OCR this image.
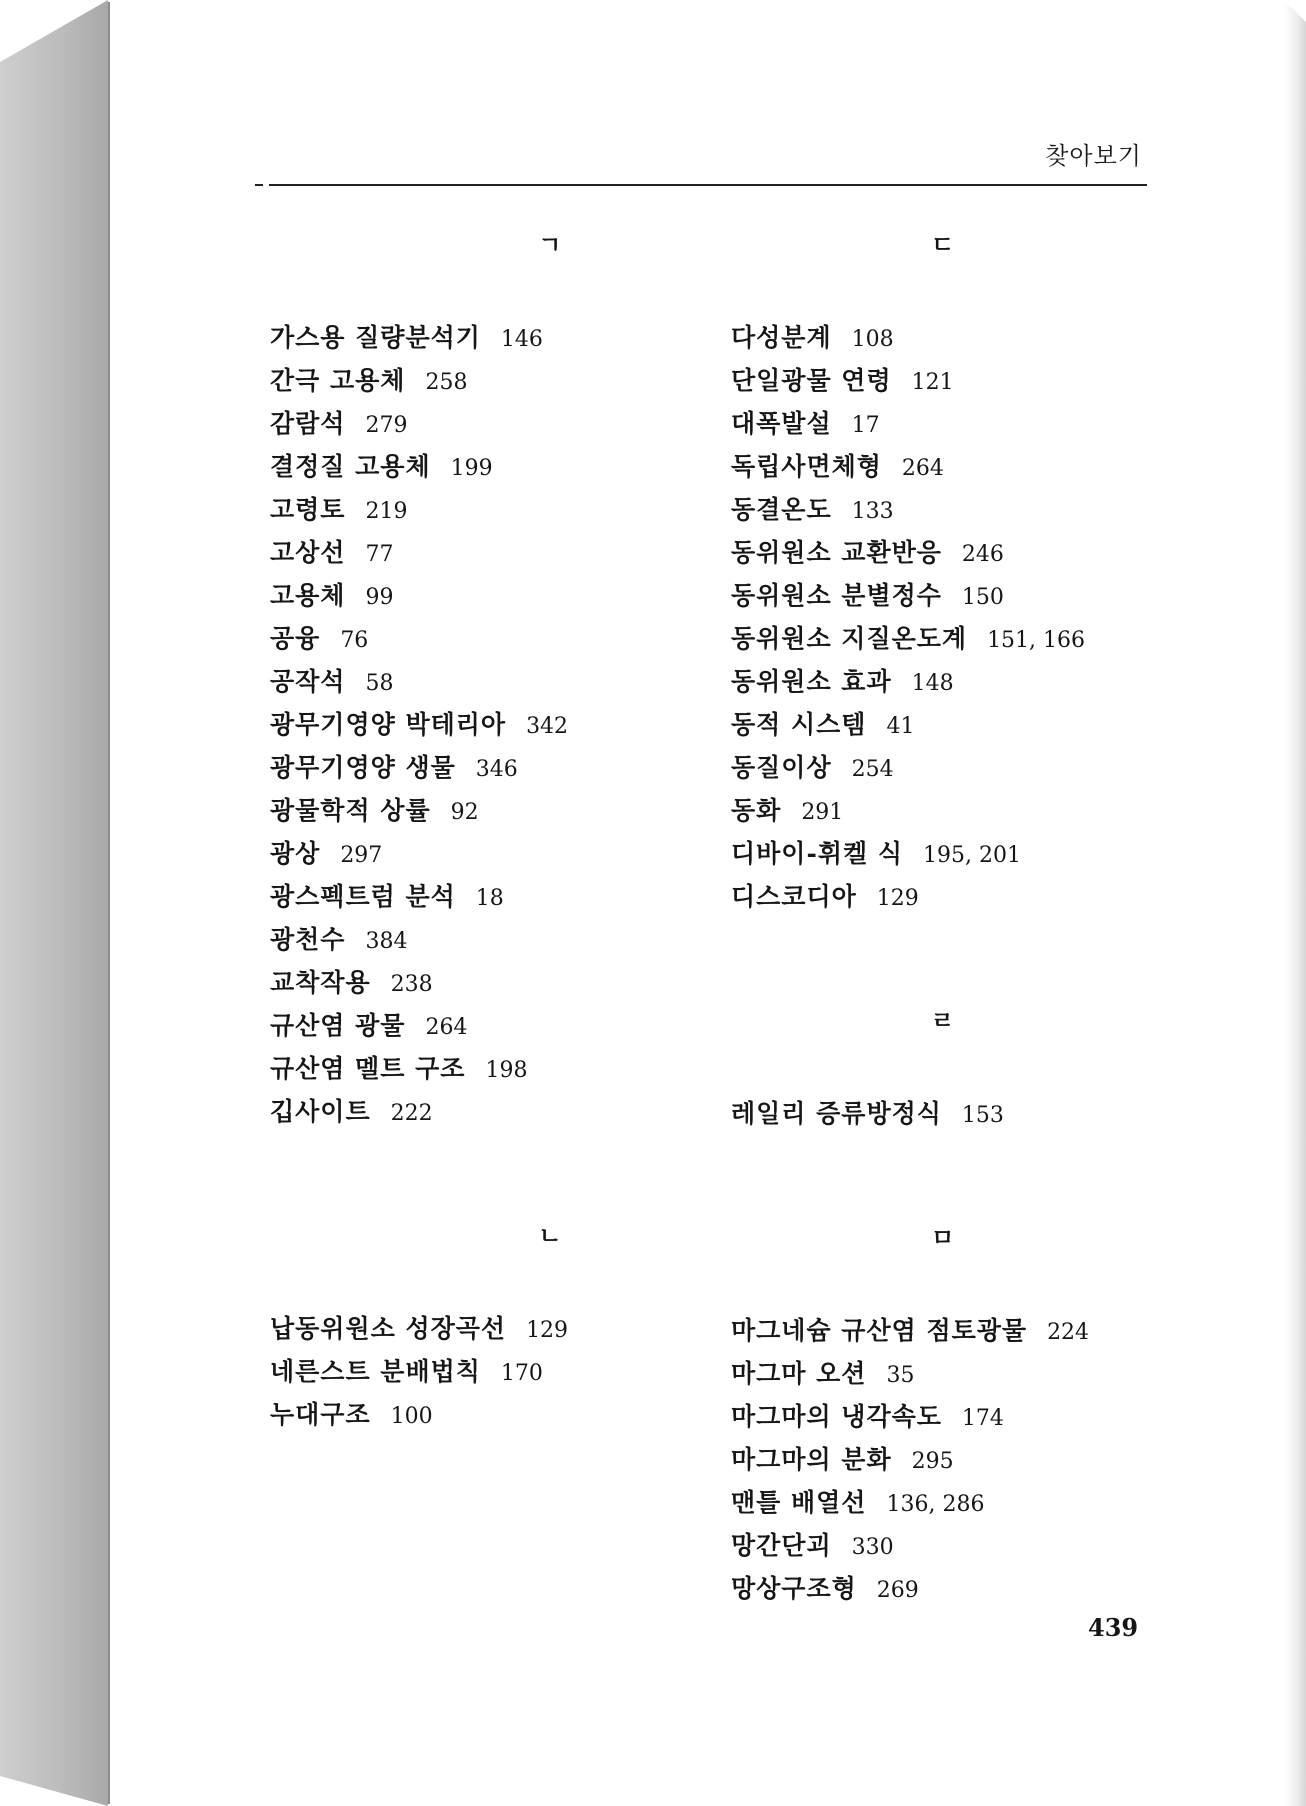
찾아보기
ㄱ
가스용 질량분석기 146
간극 고용체 258
감람석 279
결정질 고용체 199
고령토 219
고상선 77
고용체 99
공융 76
공작석 58
광무기영양 박테리아 342
광무기영양 생물 346
광물학적 상률 92
광상 297
광스펙트럼 분석 18
광천수 384
교착작용 238
규산염 광물 264
규산염 멜트 구조 198
깁사이트 222
ㄴ
납동위원소 성장곡선 129
네른스트 분배법칙 170
누대구조 100
ㄷ
다성분계 108
단일광물 연령 121
대폭발설 17
독립사면체형 264
동결온도 133
동위원소 교환반응 246
동위원소 분별정수 150
동위원소 지질온도계 151, 166
동위원소 효과 148
동적 시스템 41
동질이상 254
동화 291
디바이-휘켈 식 195, 201
디스코디아 129
ㄹ
레일리 증류방정식 153
ㅁ
마그네슘 규산염 점토광물 224
마그마 오션 35
마그마의 냉각속도 174
마그마의 분화 295
맨틀 배열선 136, 286
망간단괴 330
망상구조형 269
439
